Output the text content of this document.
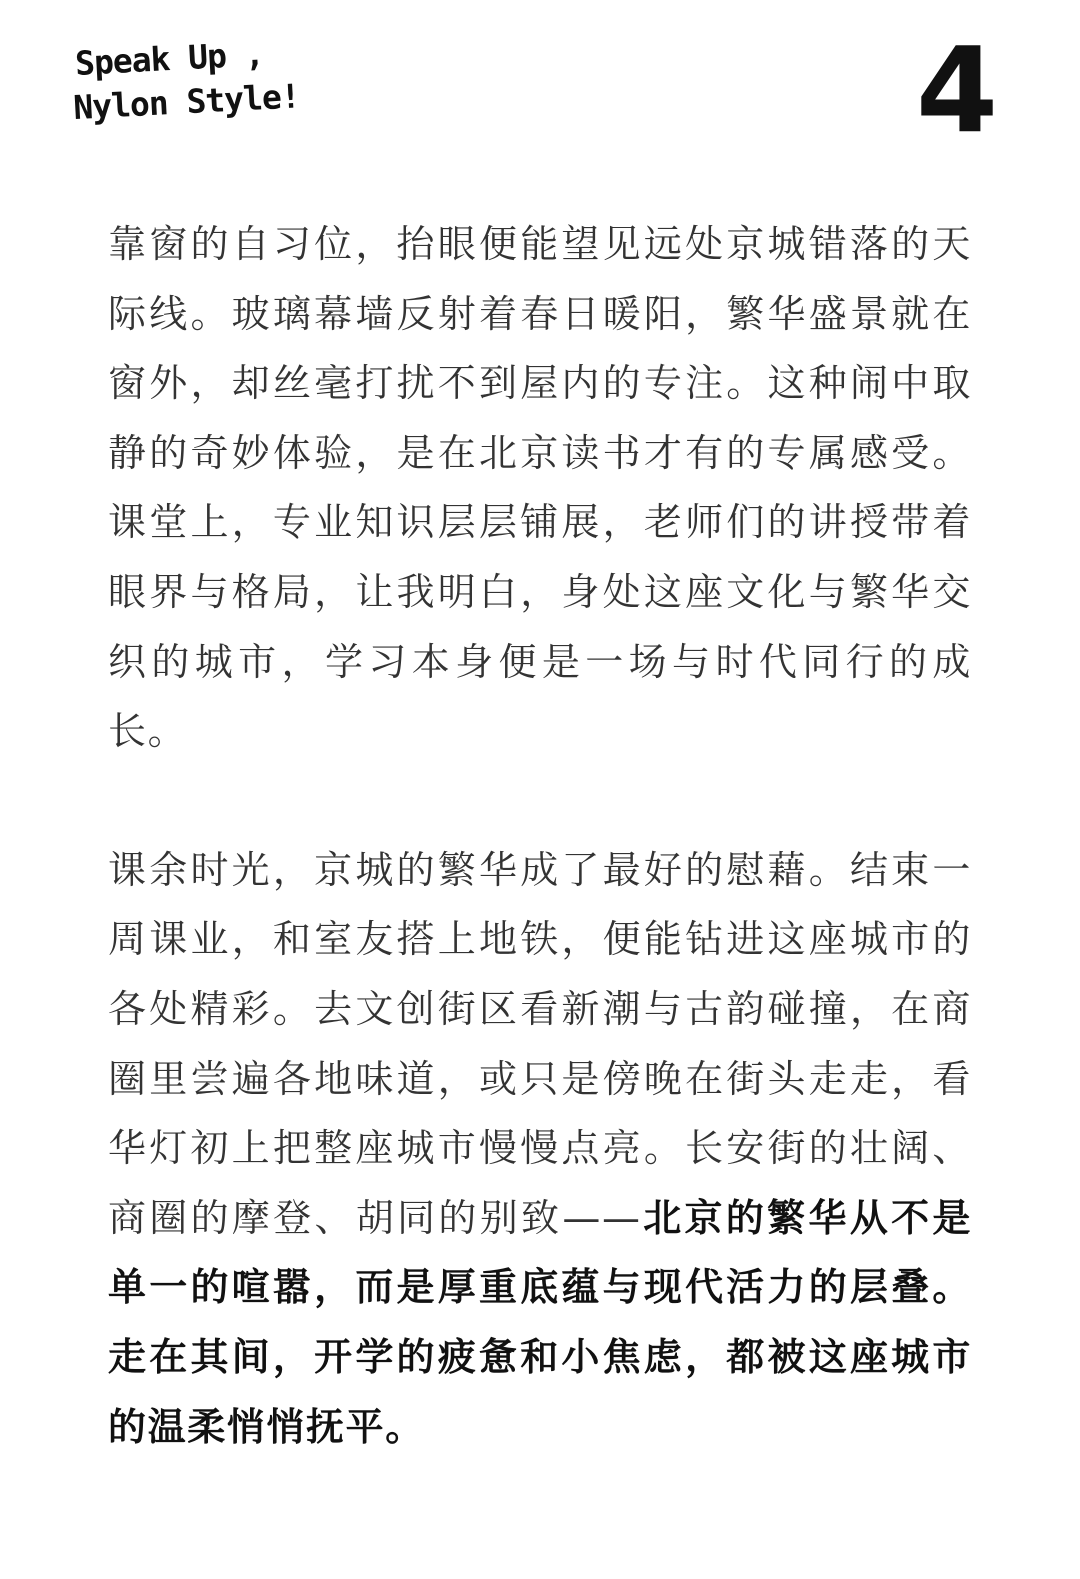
Speak Up ,
Nylon Style!	4

靠窗的自习位，抬眼便能望见远处京城错落的天际线。玻璃幕墙反射着春日暖阳，繁华盛景就在窗外，却丝毫打扰不到屋内的专注。这种闹中取静的奇妙体验，是在北京读书才有的专属感受。课堂上，专业知识层层铺展，老师们的讲授带着眼界与格局，让我明白，身处这座文化与繁华交织的城市，学习本身便是一场与时代同行的成长。

课余时光，京城的繁华成了最好的慰藉。结束一周课业，和室友搭上地铁，便能钻进这座城市的各处精彩。去文创街区看新潮与古韵碰撞，在商圈里尝遍各地味道，或只是傍晚在街头走走，看华灯初上把整座城市慢慢点亮。长安街的壮阔、商圈的摩登、胡同的别致——北京的繁华从不是单一的喧嚣，而是厚重底蕴与现代活力的层叠。走在其间，开学的疲惫和小焦虑，都被这座城市的温柔悄悄抚平。
